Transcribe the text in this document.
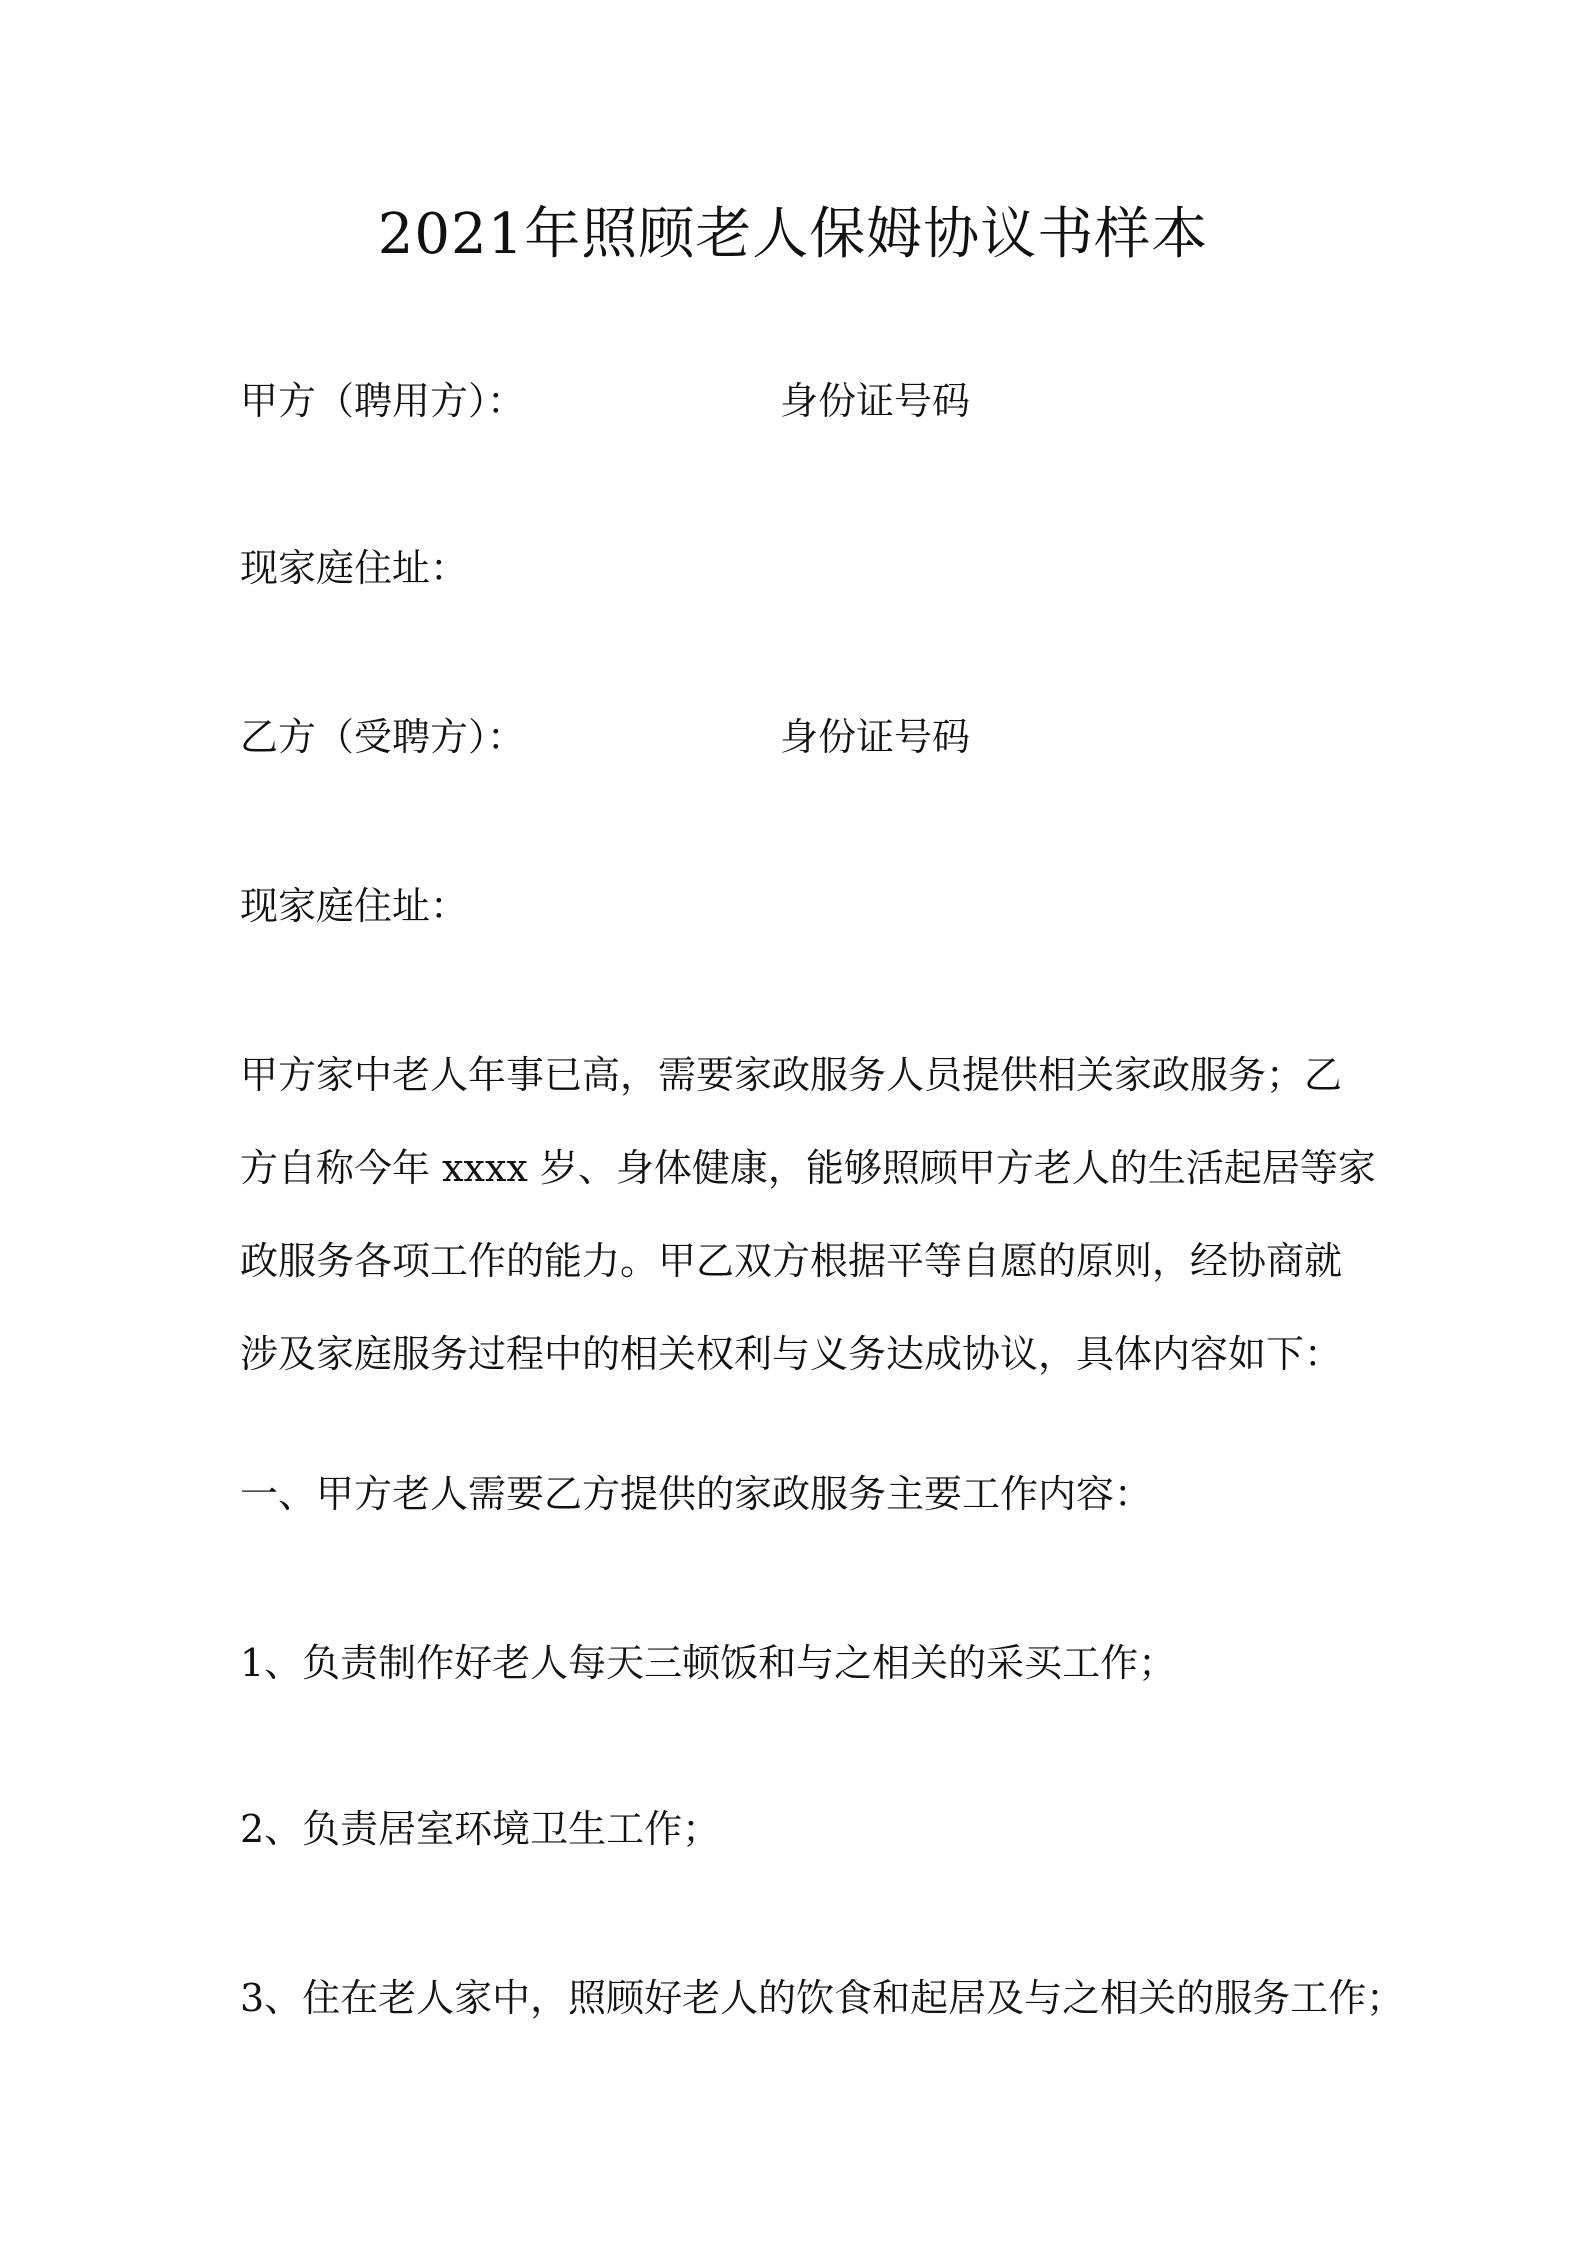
2021年照顾老人保姆协议书样本

甲方（聘用方）：	身份证号码

现家庭住址：

乙方（受聘方）：	身份证号码

现家庭住址：

甲方家中老人年事已高，需要家政服务人员提供相关家政服务；乙
方自称今年 xxxx 岁、身体健康，能够照顾甲方老人的生活起居等家
政服务各项工作的能力。甲乙双方根据平等自愿的原则，经协商就
涉及家庭服务过程中的相关权利与义务达成协议，具体内容如下：

一、甲方老人需要乙方提供的家政服务主要工作内容：

1、负责制作好老人每天三顿饭和与之相关的采买工作；

2、负责居室环境卫生工作；

3、住在老人家中，照顾好老人的饮食和起居及与之相关的服务工作；
